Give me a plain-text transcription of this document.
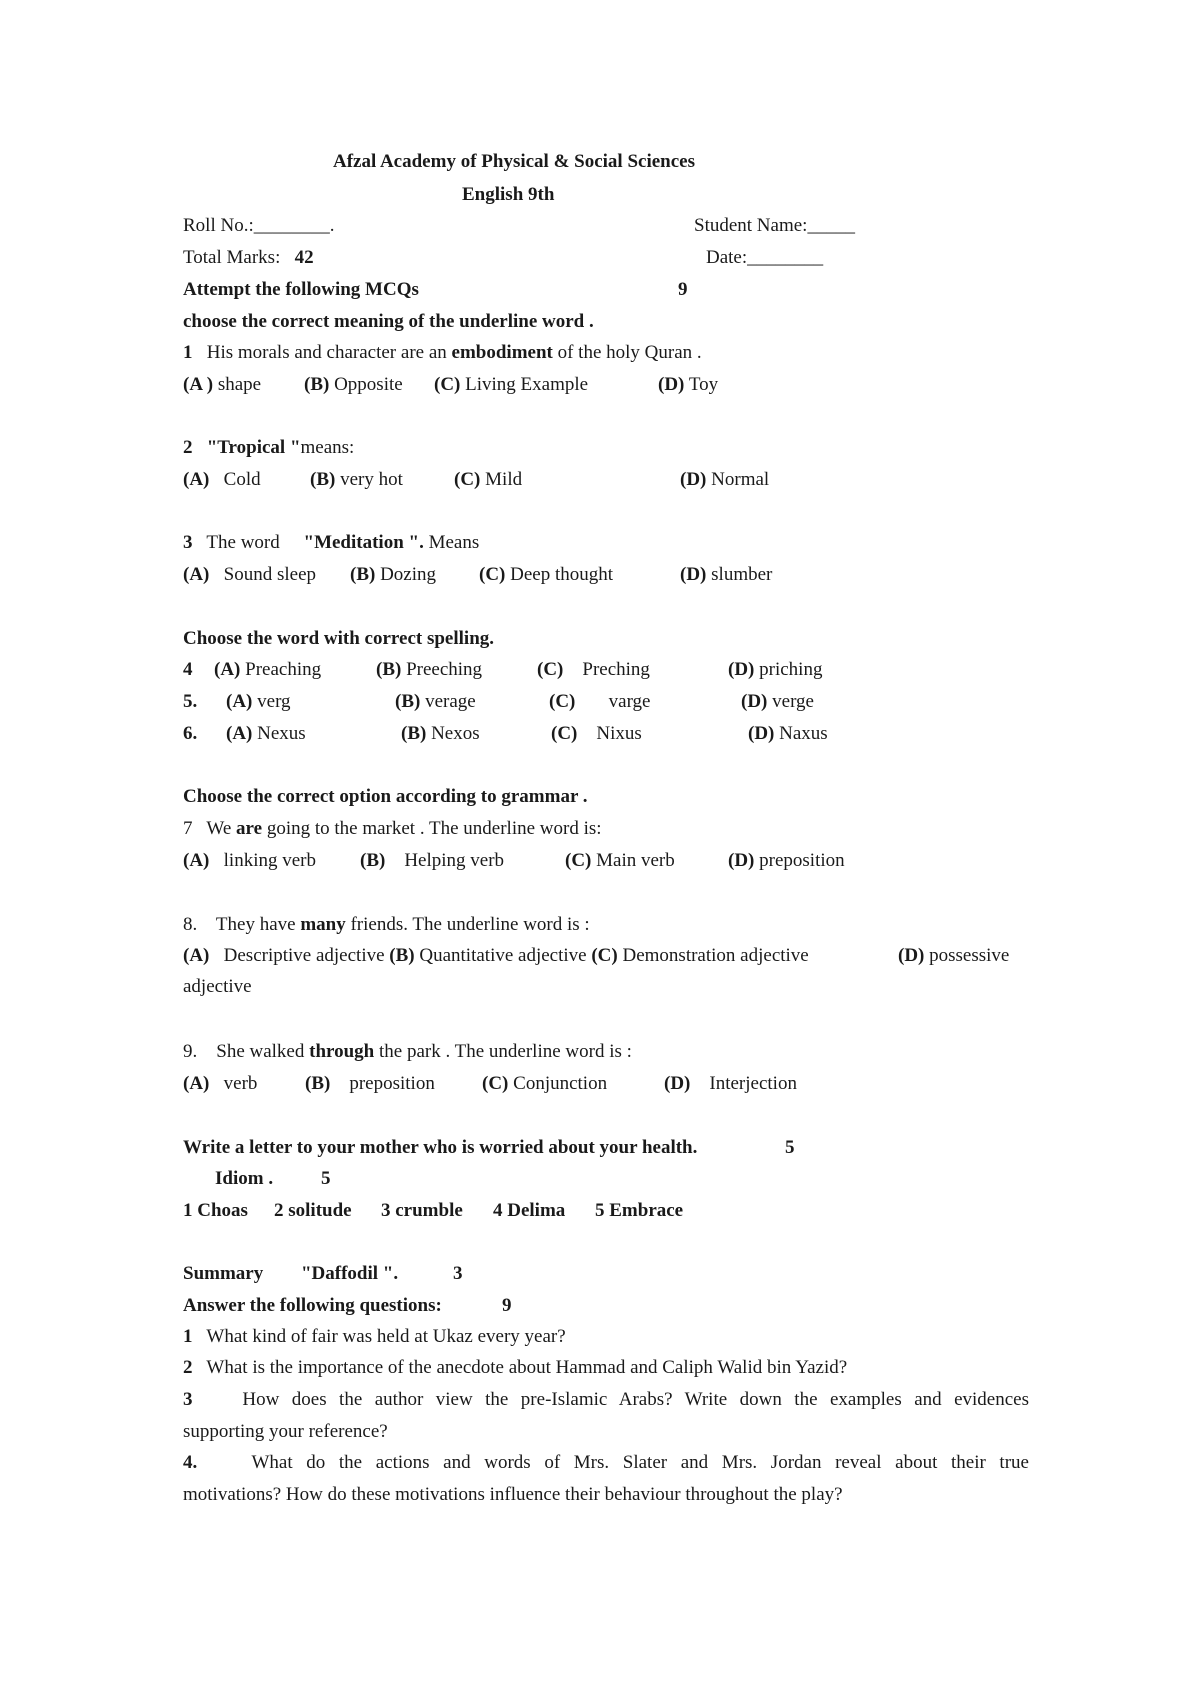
Afzal Academy of Physical & Social Sciences
English 9th
Roll No.:________.	Student Name:_____
Total Marks: 42	Date:________
Attempt the following MCQs	9
choose the correct meaning of the underline word .
1 His morals and character are an embodiment of the holy Quran .
(A ) shape (B) Opposite (C) Living Example	(D) Toy
2 "Tropical "means:
(A) Cold	(B) very hot	(C) Mild	(D) Normal
3 The word "Meditation ". Means
(A) Sound sleep (B) Dozing (C) Deep thought	(D) slumber
Choose the word with correct spelling.
4 (A) Preaching	(B) Preeching	(C) Preching	(D) priching
5. (A) verg	(B) verage	(C) varge	(D) verge
6. (A) Nexus	(B) Nexos	(C) Nixus	(D) Naxus
Choose the correct option according to grammar .
7 We are going to the market . The underline word is:
(A) linking verb (B) Helping verb	(C) Main verb	(D) preposition
8. They have many friends. The underline word is :
(A) Descriptive adjective (B) Quantitative adjective (C) Demonstration adjective	(D) possessive
adjective
9. She walked through the park . The underline word is :
(A) verb	(B) preposition (C) Conjunction	(D) Interjection
Write a letter to your mother who is worried about your health.	5
Idiom .	5
1 Choas 2 solitude 3 crumble 4 Delima 5 Embrace
Summary "Daffodil ".	3
Answer the following questions:	9
1 What kind of fair was held at Ukaz every year?
2 What is the importance of the anecdote about Hammad and Caliph Walid bin Yazid?
3	How does the author view the pre-Islamic Arabs? Write down the examples and evidences
supporting your reference?
4.	What do the actions and words of Mrs. Slater and Mrs. Jordan reveal about their true
motivations? How do these motivations influence their behaviour throughout the play?
